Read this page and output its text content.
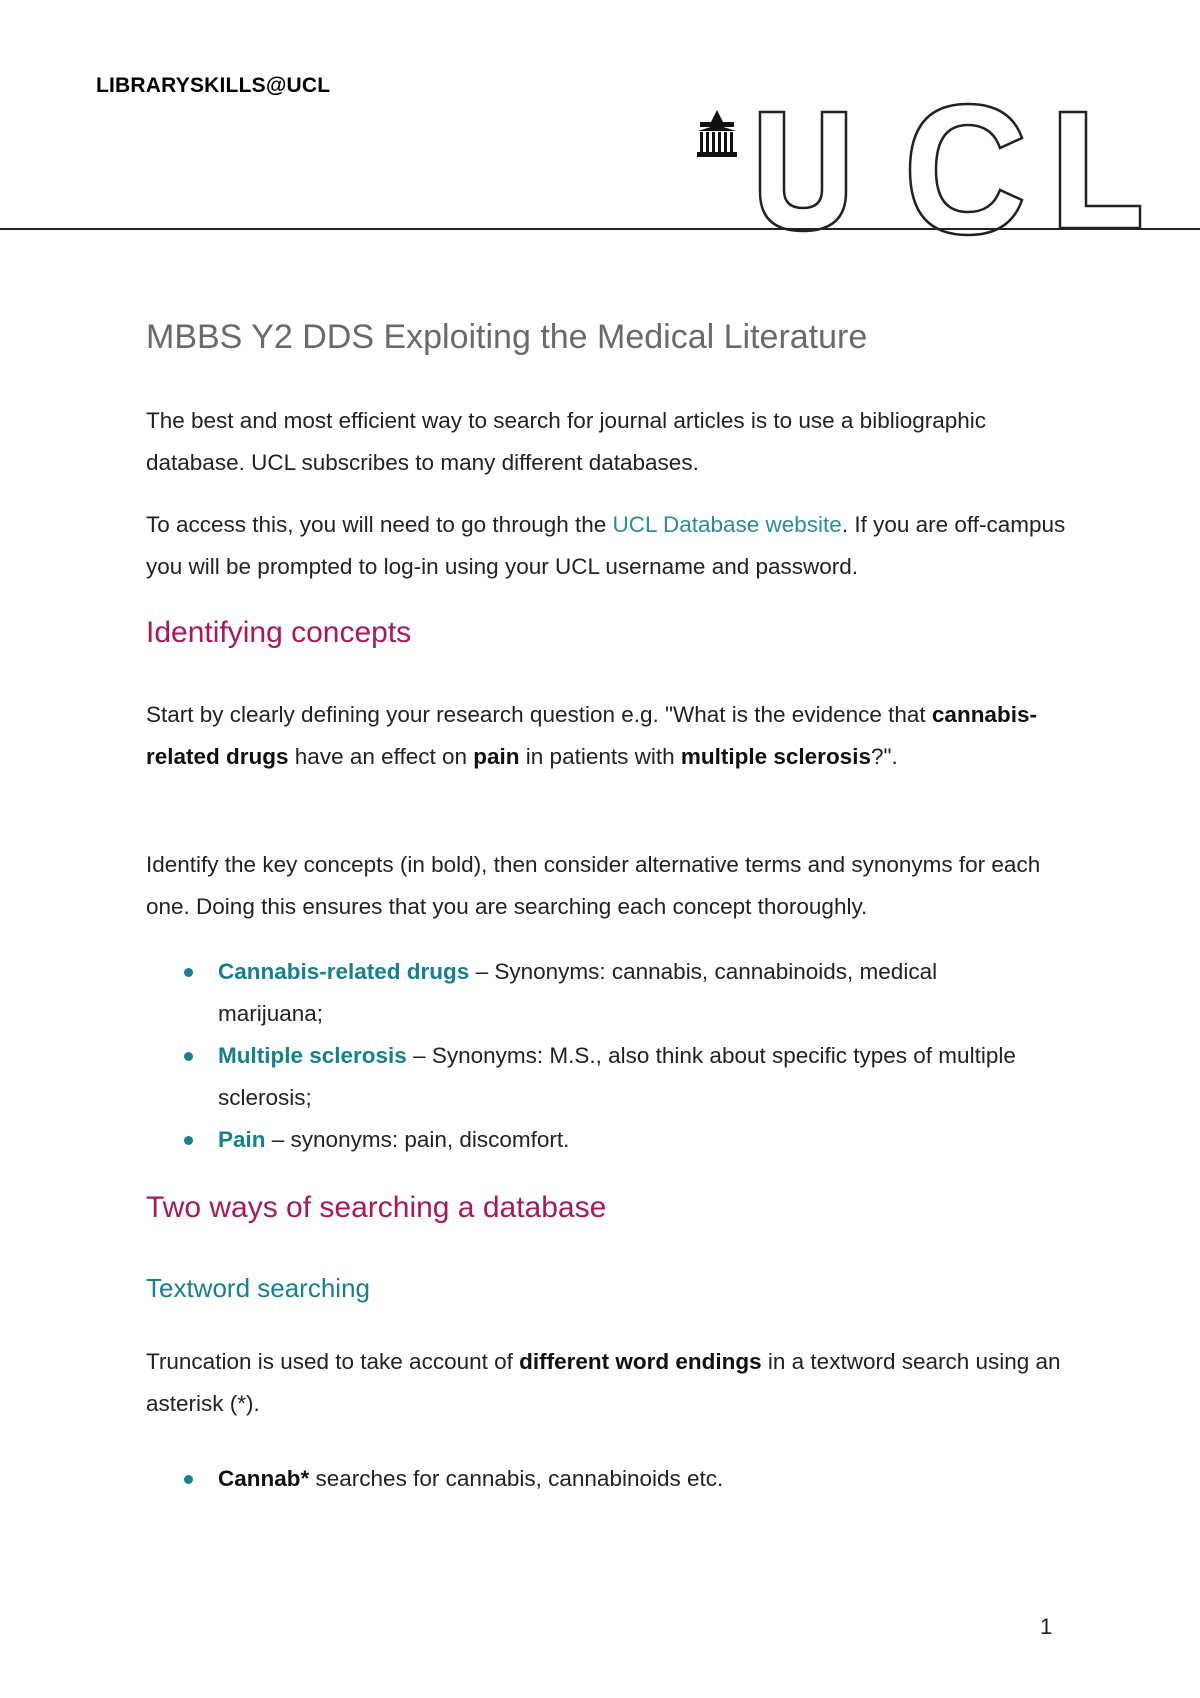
LIBRARYSKILLS@UCL
MBBS Y2 DDS Exploiting the Medical Literature

The best and most efficient way to search for journal articles is to use a bibliographic database. UCL subscribes to many different databases.

To access this, you will need to go through the UCL Database website. If you are off-campus you will be prompted to log-in using your UCL username and password.

Identifying concepts

Start by clearly defining your research question e.g. "What is the evidence that cannabis-related drugs have an effect on pain in patients with multiple sclerosis?".

Identify the key concepts (in bold), then consider alternative terms and synonyms for each one. Doing this ensures that you are searching each concept thoroughly.

Cannabis-related drugs – Synonyms: cannabis, cannabinoids, medical marijuana;
Multiple sclerosis – Synonyms: M.S., also think about specific types of multiple sclerosis;
Pain – synonyms: pain, discomfort.
Two ways of searching a database
Textword searching

Truncation is used to take account of different word endings in a textword search using an asterisk (*).

Cannab* searches for cannabis, cannabinoids etc.
1
